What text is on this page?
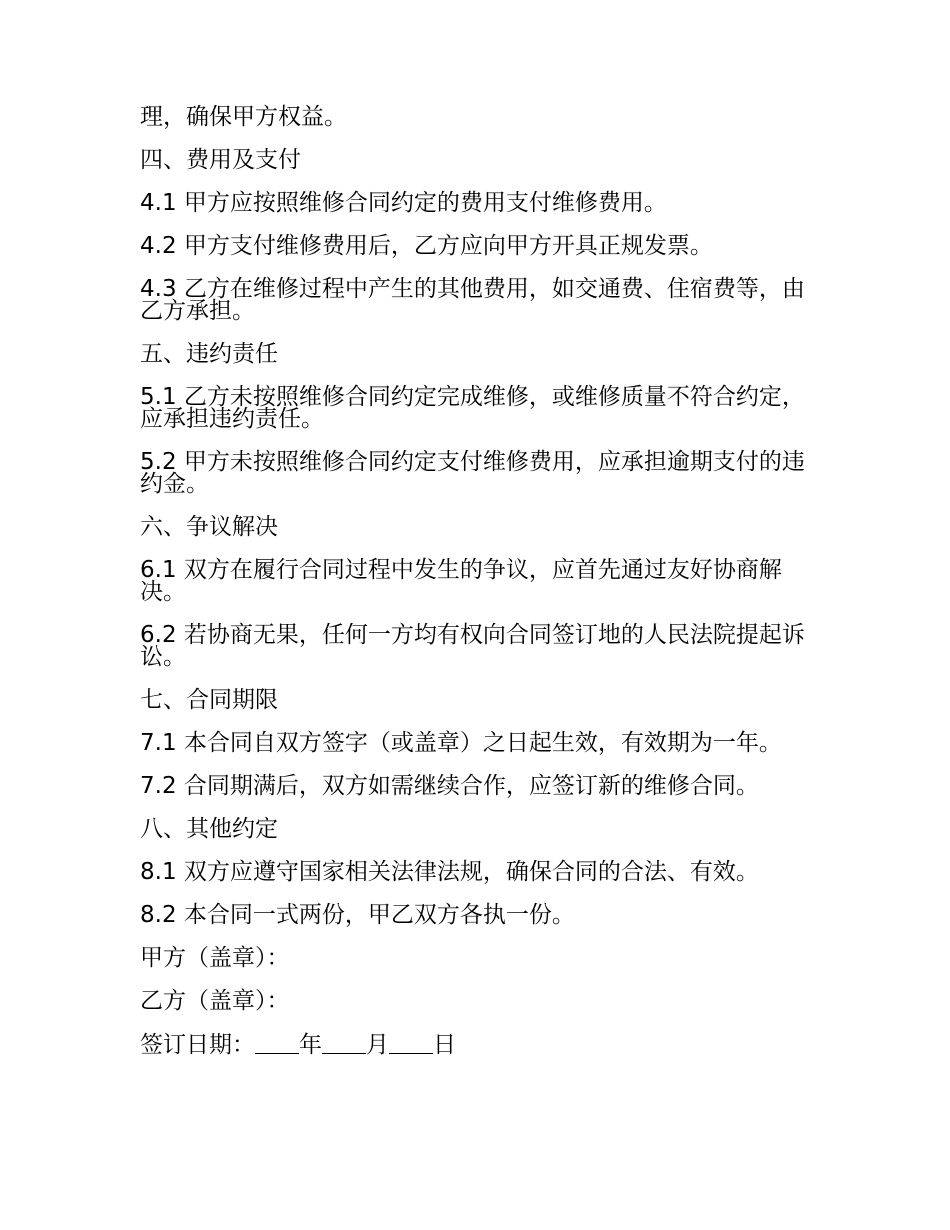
理，确保甲方权益。

四、费用及支付

4.1 甲方应按照维修合同约定的费用支付维修费用。

4.2 甲方支付维修费用后，乙方应向甲方开具正规发票。

4.3 乙方在维修过程中产生的其他费用，如交通费、住宿费等，由乙方承担。

五、违约责任

5.1 乙方未按照维修合同约定完成维修，或维修质量不符合约定，应承担违约责任。

5.2 甲方未按照维修合同约定支付维修费用，应承担逾期支付的违约金。

六、争议解决

6.1 双方在履行合同过程中发生的争议，应首先通过友好协商解决。

6.2 若协商无果，任何一方均有权向合同签订地的人民法院提起诉讼。

七、合同期限

7.1 本合同自双方签字（或盖章）之日起生效，有效期为一年。

7.2 合同期满后，双方如需继续合作，应签订新的维修合同。

八、其他约定

8.1 双方应遵守国家相关法律法规，确保合同的合法、有效。

8.2 本合同一式两份，甲乙双方各执一份。

甲方（盖章）：

乙方（盖章）：

签订日期： 年 月 日
